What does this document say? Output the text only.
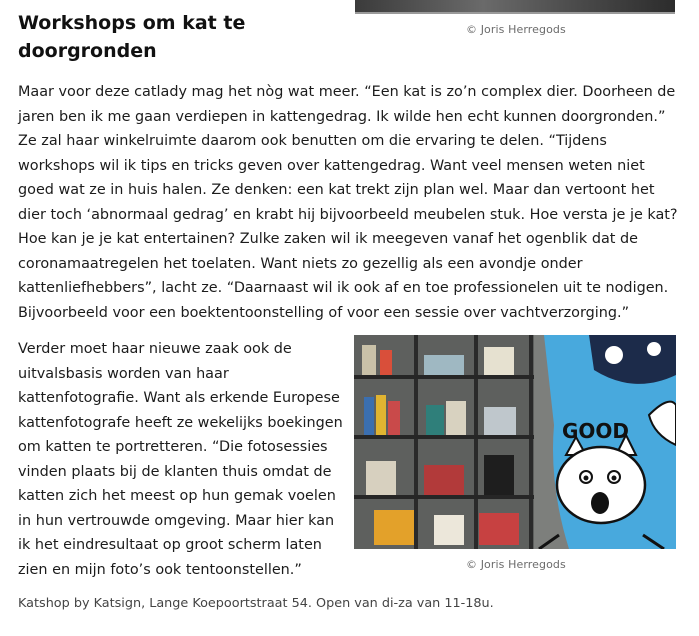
© Joris Herregods
Workshops om kat te doorgronden

Maar voor deze catlady mag het nòg wat meer. “Een kat is zo’n complex dier. Doorheen de jaren ben ik me gaan verdiepen in kattengedrag. Ik wilde hen echt kunnen doorgronden.” Ze zal haar winkelruimte daarom ook benutten om die ervaring te delen. “Tijdens workshops wil ik tips en tricks geven over kattengedrag. Want veel mensen weten niet goed wat ze in huis halen. Ze denken: een kat trekt zijn plan wel. Maar dan vertoont het dier toch ‘abnormaal gedrag’ en krabt hij bijvoorbeeld meubelen stuk. Hoe versta je je kat? Hoe kan je je kat entertainen? Zulke zaken wil ik meegeven vanaf het ogenblik dat de coronamaatregelen het toelaten. Want niets zo gezellig als een avondje onder kattenliefhebbers”, lacht ze. “Daarnaast wil ik ook af en toe professionelen uit te nodigen. Bijvoorbeeld voor een boektentoonstelling of voor een sessie over vachtverzorging.”

Verder moet haar nieuwe zaak ook de uitvalsbasis worden van haar kattenfotografie. Want als erkende Europese kattenfotografe heeft ze wekelijks boekingen om katten te portretteren. “Die fotosessies vinden plaats bij de klanten thuis omdat de katten zich het meest op hun gemak voelen in hun vertrouwde omgeving. Maar hier kan ik het eindresultaat op groot scherm laten zien en mijn foto’s ook tentoonstellen.”

GOOD
© Joris Herregods

Katshop by Katsign, Lange Koepoortstraat 54. Open van di-za van 11-18u.
